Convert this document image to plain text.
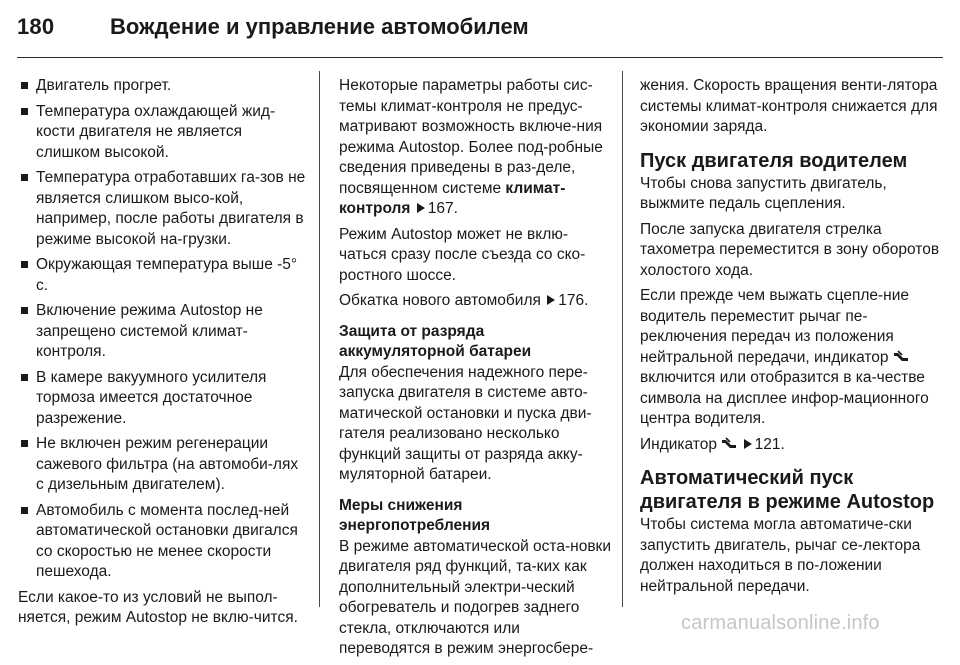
180	Вождение и управление автомобилем
Двигатель прогрет.
Температура охлаждающей жид-кости двигателя не является слишком высокой.
Температура отработавших га-зов не является слишком высо-кой, например, после работы двигателя в режиме высокой на-грузки.
Окружающая температура выше -5° с.
Включение режима Autostop не запрещено системой климат-контроля.
В камере вакуумного усилителя тормоза имеется достаточное разрежение.
Не включен режим регенерации сажевого фильтра (на автомоби-лях с дизельным двигателем).
Автомобиль с момента послед-ней автоматической остановки двигался со скоростью не менее скорости пешехода.

Если какое-то из условий не выпол-няется, режим Autostop не вклю-чится.

Некоторые параметры работы сис-темы климат-контроля не предус-матривают возможность включе-ния режима Autostop. Более под-робные сведения приведены в раз-деле, посвященном системе климат-контроля 167.

Режим Autostop может не вклю-чаться сразу после съезда со ско-ростного шоссе.

Обкатка нового автомобиля 176.

Защита от разряда аккумуляторной батареи

Для обеспечения надежного пере-запуска двигателя в системе авто-матической остановки и пуска дви-гателя реализовано несколько функций защиты от разряда акку-муляторной батареи.

Меры снижения энергопотребления

В режиме автоматической оста-новки двигателя ряд функций, та-ких как дополнительный электри-ческий обогреватель и подогрев заднего стекла, отключаются или переводятся в режим энергосбере-

жения. Скорость вращения венти-лятора системы климат-контроля снижается для экономии заряда.

Пуск двигателя водителем

Чтобы снова запустить двигатель, выжмите педаль сцепления.

После запуска двигателя стрелка тахометра переместится в зону оборотов холостого хода.

Если прежде чем выжать сцепле-ние водитель переместит рычаг пе-реключения передач из положения нейтральной передачи, индикатор  включится или отобразится в ка-честве символа на дисплее инфор-мационного центра водителя.

Индикатор 121.

Автоматический пуск двигателя в режиме Autostop

Чтобы система могла автоматиче-ски запустить двигатель, рычаг се-лектора должен находиться в по-ложении нейтральной передачи.

carmanualsonline.info
